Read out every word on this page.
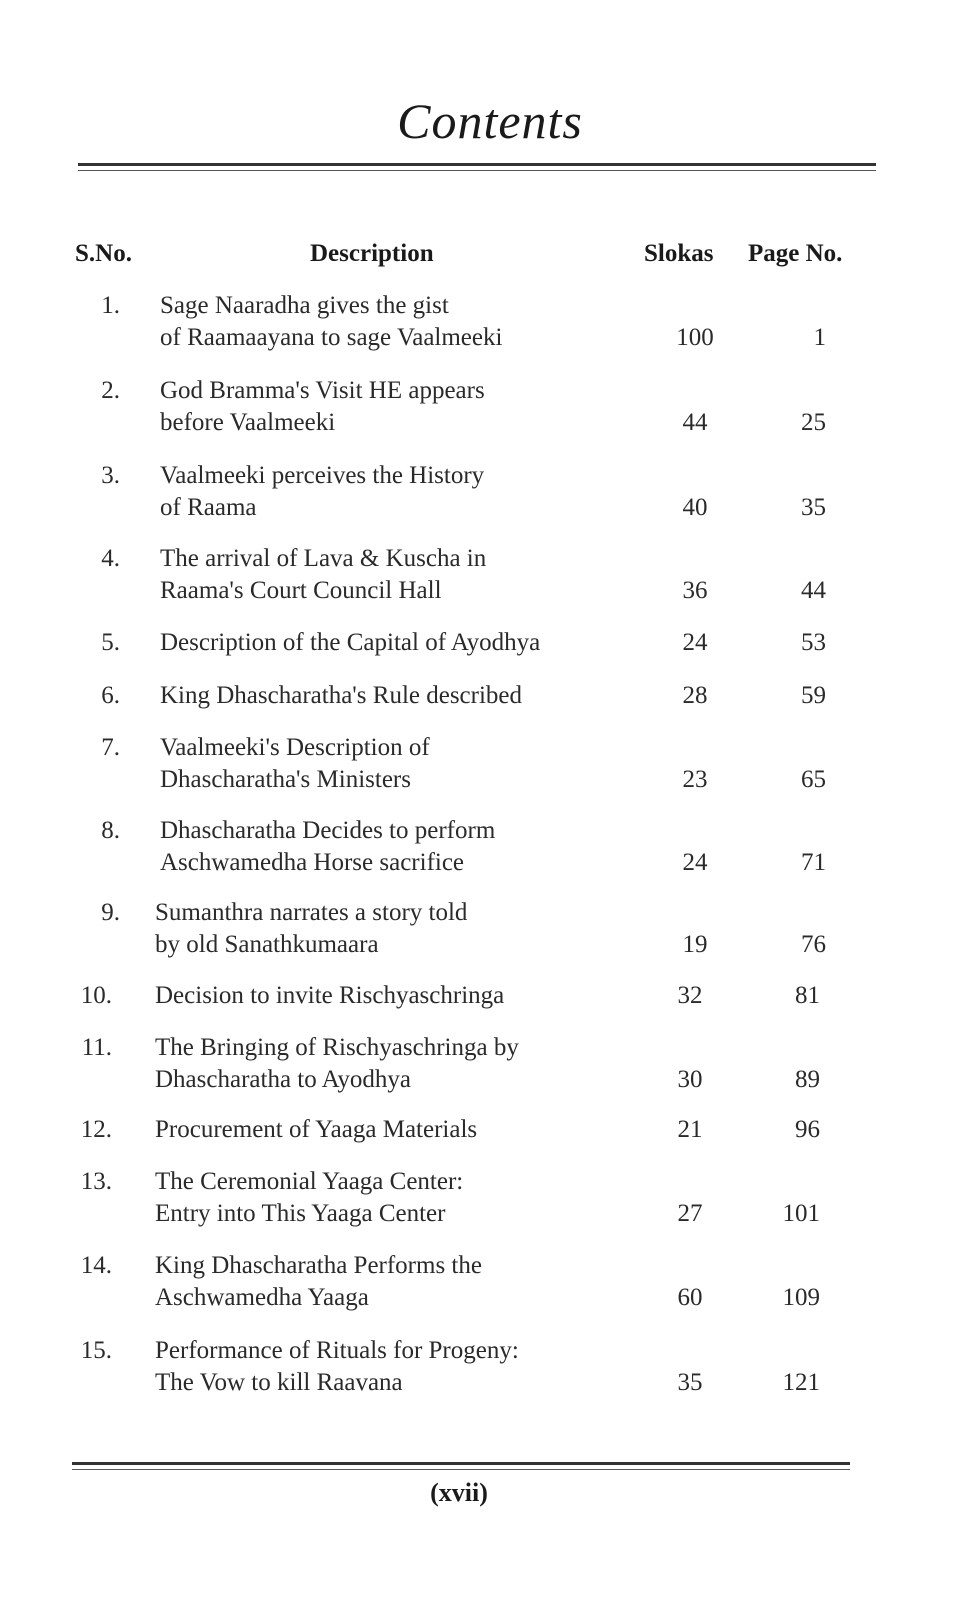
Contents
S.No.	Description	Slokas Page No.
1. Sage Naaradha gives the gist
of Raamaayana to sage Vaalmeeki	100	1
2. God Bramma's Visit HE appears
before Vaalmeeki	44	25
3. Vaalmeeki perceives the History
of Raama	40	35
4. The arrival of Lava & Kuscha in
Raama's Court Council Hall	36	44
5. Description of the Capital of Ayodhya	24	53
6. King Dhascharatha's Rule described	28	59
7. Vaalmeeki's Description of
Dhascharatha's Ministers	23	65
8. Dhascharatha Decides to perform
Aschwamedha Horse sacrifice	24	71
9. Sumanthra narrates a story told
by old Sanathkumaara	19	76
10. Decision to invite Rischyaschringa	32	81
11. The Bringing of Rischyaschringa by
Dhascharatha to Ayodhya	30	89
12. Procurement of Yaaga Materials	21	96
13. The Ceremonial Yaaga Center:
Entry into This Yaaga Center	27	101
14. King Dhascharatha Performs the
Aschwamedha Yaaga	60	109
15. Performance of Rituals for Progeny:
The Vow to kill Raavana	35	121
(xvii)
